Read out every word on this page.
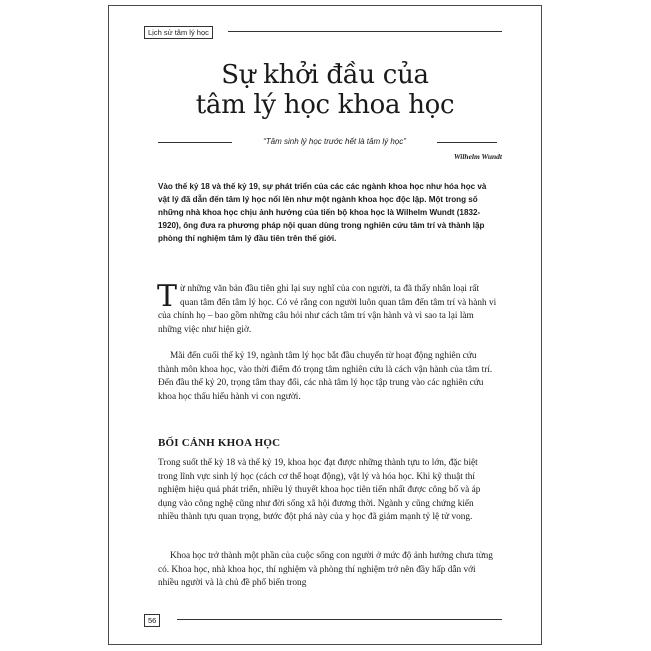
Lịch sử tâm lý học
Sự khởi đầu của
tâm lý học khoa học
“Tâm sinh lý học trước hết là tâm lý học”
Wilhelm Wundt

Vào thế kỷ 18 và thế kỷ 19, sự phát triển của các các ngành khoa học như hóa học và vật lý đã dẫn đến tâm lý học nổi lên như một ngành khoa học độc lập. Một trong số những nhà khoa học chịu ảnh hưởng của tiến bộ khoa học là Wilhelm Wundt (1832-1920), ông đưa ra phương pháp nội quan dùng trong nghiên cứu tâm trí và thành lập phòng thí nghiệm tâm lý đầu tiên trên thế giới.

Từ những văn bản đầu tiên ghi lại suy nghĩ của con người, ta đã thấy nhân loại rất quan tâm đến tâm lý học. Có vẻ rằng con người luôn quan tâm đến tâm trí và hành vi của chính họ – bao gồm những câu hỏi như cách tâm trí vận hành và vì sao ta lại làm những việc như hiện giờ.

Mãi đến cuối thế kỷ 19, ngành tâm lý học bắt đầu chuyển từ hoạt động nghiên cứu thành môn khoa học, vào thời điểm đó trọng tâm nghiên cứu là cách vận hành của tâm trí. Đến đầu thế kỷ 20, trọng tâm thay đổi, các nhà tâm lý học tập trung vào các nghiên cứu khoa học thấu hiểu hành vi con người.

BỐI CẢNH KHOA HỌC

Trong suốt thế kỷ 18 và thế kỷ 19, khoa học đạt được những thành tựu to lớn, đặc biệt trong lĩnh vực sinh lý học (cách cơ thể hoạt động), vật lý và hóa học. Khi kỹ thuật thí nghiệm hiệu quả phát triển, nhiều lý thuyết khoa học tiên tiến nhất được công bố và áp dụng vào công nghệ cũng như đời sống xã hội đương thời. Ngành y cũng chứng kiến nhiều thành tựu quan trọng, bước đột phá này của y học đã giảm mạnh tỷ lệ tử vong.

Khoa học trở thành một phần của cuộc sống con người ở mức độ ảnh hưởng chưa từng có. Khoa học, nhà khoa học, thí nghiệm và phòng thí nghiệm trở nên đầy hấp dẫn với nhiều người và là chủ đề phổ biến trong

56
